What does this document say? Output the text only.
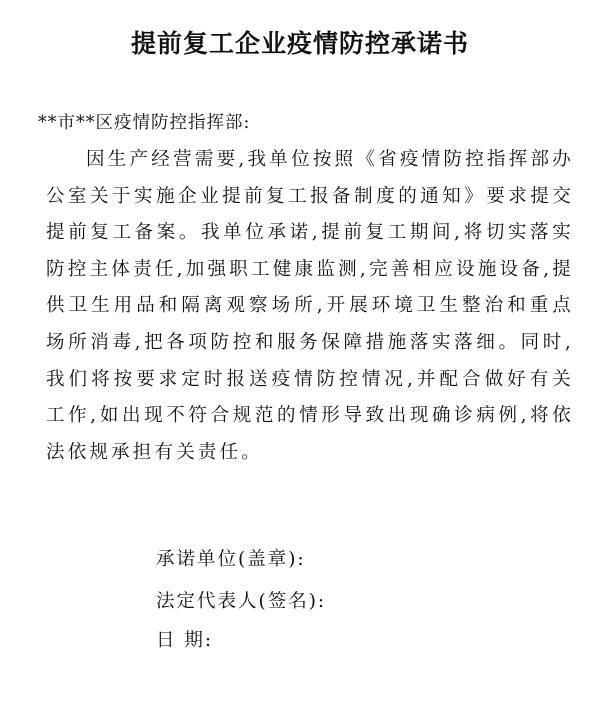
提前复工企业疫情防控承诺书
**市**区疫情防控指挥部:
因生产经营需要,我单位按照《省疫情防控指挥部办公室关于实施企业提前复工报备制度的通知》要求提交提前复工备案。我单位承诺,提前复工期间,将切实落实防控主体责任,加强职工健康监测,完善相应设施设备,提供卫生用品和隔离观察场所,开展环境卫生整治和重点场所消毒,把各项防控和服务保障措施落实落细。同时,我们将按要求定时报送疫情防控情况,并配合做好有关工作,如出现不符合规范的情形导致出现确诊病例,将依法依规承担有关责任。
承诺单位(盖章):
法定代表人(签名):
日 期:
